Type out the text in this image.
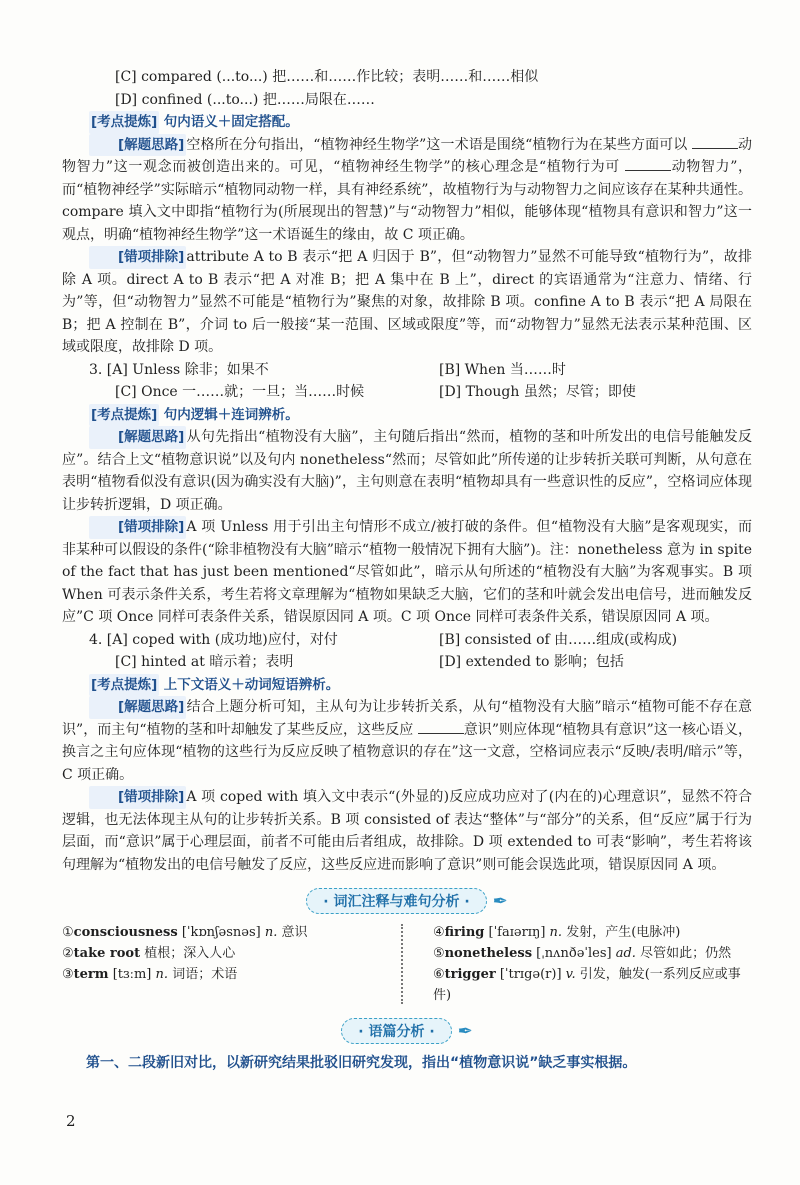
[C] compared (...to...) 把……和……作比较；表明……和……相似
[D] confined (...to...) 把……局限在……
[考点提炼] 句内语义＋固定搭配。
[解题思路] 空格所在分句指出，“植物神经生物学”这一术语是围绕“植物行为在某些方面可以	动物智力”这一观念而被创造出来的。可见，“植物神经生物学”的核心理念是“植物行为可	动物智力”，而“植物神经学”实际暗示“植物同动物一样，具有神经系统”，故植物行为与动物智力之间应该存在某种共通性。compare 填入文中即指“植物行为(所展现出的智慧)”与“动物智力”相似，能够体现“植物具有意识和智力”这一观点，明确“植物神经生物学”这一术语诞生的缘由，故 C 项正确。
[错项排除] attribute A to B 表示“把 A 归因于 B”，但“动物智力”显然不可能导致“植物行为”，故排除 A 项。direct A to B 表示“把 A 对准 B；把 A 集中在 B 上”，direct 的宾语通常为“注意力、情绪、行为”等，但“动物智力”显然不可能是“植物行为”聚焦的对象，故排除 B 项。confine A to B 表示“把 A 局限在 B；把 A 控制在 B”，介词 to 后一般接“某一范围、区域或限度”等，而“动物智力”显然无法表示某种范围、区域或限度，故排除 D 项。
3. [A] Unless 除非；如果不	[B] When 当……时
[C] Once 一……就；一旦；当……时候	[D] Though 虽然；尽管；即使
[考点提炼] 句内逻辑＋连词辨析。
[解题思路] 从句先指出“植物没有大脑”，主句随后指出“然而，植物的茎和叶所发出的电信号能触发反应”。结合上文“植物意识说”以及句内 nonetheless“然而；尽管如此”所传递的让步转折关联可判断，从句意在表明“植物看似没有意识(因为确实没有大脑)”，主句则意在表明“植物却具有一些意识性的反应”，空格词应体现让步转折逻辑，D 项正确。
[错项排除] A 项 Unless 用于引出主句情形不成立/被打破的条件。但“植物没有大脑”是客观现实，而非某种可以假设的条件(“除非植物没有大脑”暗示“植物一般情况下拥有大脑”)。注：nonetheless 意为 in spite of the fact that has just been mentioned“尽管如此”，暗示从句所述的“植物没有大脑”为客观事实。B 项 When 可表示条件关系，考生若将文章理解为“植物如果缺乏大脑，它们的茎和叶就会发出电信号，进而触发反应”C 项 Once 同样可表条件关系，错误原因同 A 项。C 项 Once 同样可表条件关系，错误原因同 A 项。
4. [A] coped with (成功地)应付，对付	[B] consisted of 由……组成(或构成)
[C] hinted at 暗示着；表明	[D] extended to 影响；包括
[考点提炼] 上下文语义＋动词短语辨析。
[解题思路] 结合上题分析可知，主从句为让步转折关系，从句“植物没有大脑”暗示“植物可能不存在意识”，而主句“植物的茎和叶却触发了某些反应，这些反应	意识”则应体现“植物具有意识”这一核心语义，换言之主句应体现“植物的这些行为反应反映了植物意识的存在”这一文意，空格词应表示“反映/表明/暗示”等，C 项正确。
[错项排除] A 项 coped with 填入文中表示“(外显的)反应成功应对了(内在的)心理意识”，显然不符合逻辑，也无法体现主从句的让步转折关系。B 项 consisted of 表达“整体”与“部分”的关系，但“反应”属于行为层面，而“意识”属于心理层面，前者不可能由后者组成，故排除。D 项 extended to 可表“影响”，考生若将该句理解为“植物发出的电信号触发了反应，这些反应进而影响了意识”则可能会误选此项，错误原因同 A 项。
· 词汇注释与难句分析 ·	✒
①consciousness [ˈkɒnʃəsnəs] n. 意识
②take root 植根；深入人心
③term [tɜːm] n. 词语；术语
④firing [ˈfaɪərɪŋ] n. 发射，产生(电脉冲)
⑤nonetheless [ˌnʌnðəˈles] ad. 尽管如此；仍然
⑥trigger [ˈtrɪgə(r)] v. 引发，触发(一系列反应或事件)
· 语篇分析 ·	✒
第一、二段新旧对比，以新研究结果批驳旧研究发现，指出“植物意识说”缺乏事实根据。
2
